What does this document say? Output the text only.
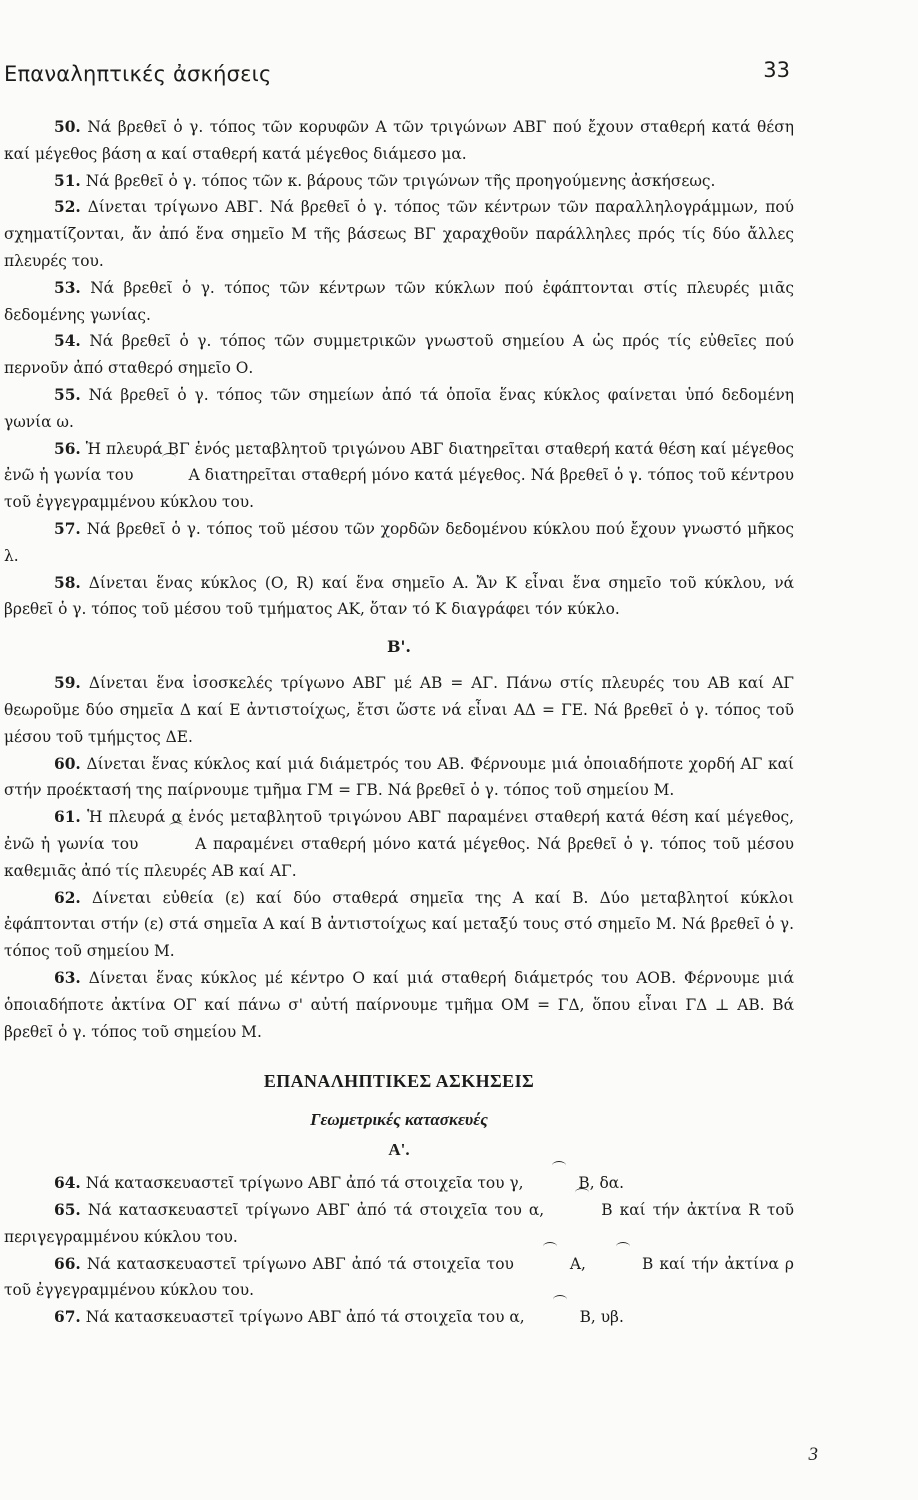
Επαναληπτικές ἀσκήσεις	33

50. Νά βρεθεῖ ὁ γ. τόπος τῶν κορυφῶν Α τῶν τριγώνων ΑΒΓ πού ἔχουν σταθερή κατά θέση καί μέγεθος βάση α καί σταθερή κατά μέγεθος διάμεσο μα.

51. Νά βρεθεῖ ὁ γ. τόπος τῶν κ. βάρους τῶν τριγώνων τῆς προηγούμενης ἀσκήσεως.

52. Δίνεται τρίγωνο ΑΒΓ. Νά βρεθεῖ ὁ γ. τόπος τῶν κέντρων τῶν παραλληλογράμμων, πού σχηματίζονται, ἄν ἀπό ἕνα σημεῖο Μ τῆς βάσεως ΒΓ χαραχθοῦν παράλληλες πρός τίς δύο ἄλλες πλευρές του.

53. Νά βρεθεῖ ὁ γ. τόπος τῶν κέντρων τῶν κύκλων πού ἐφάπτονται στίς πλευρές μιᾶς δεδομένης γωνίας.

54. Νά βρεθεῖ ὁ γ. τόπος τῶν συμμετρικῶν γνωστοῦ σημείου Α ὡς πρός τίς εὐθεῖες πού περνοῦν ἀπό σταθερό σημεῖο Ο.

55. Νά βρεθεῖ ὁ γ. τόπος τῶν σημείων ἀπό τά ὁποῖα ἕνας κύκλος φαίνεται ὑπό δεδομένη γωνία ω.

56. Ἡ πλευρά ΒΓ ἑνός μεταβλητοῦ τριγώνου ΑΒΓ διατηρεῖται σταθερή κατά θέση καί μέγεθος ἐνῶ ἡ γωνία του	Α διατηρεῖται σταθερή μόνο κατά μέγεθος. Νά βρεθεῖ ὁ γ. τόπος τοῦ κέντρου τοῦ ἐγγεγραμμένου κύκλου του.

57. Νά βρεθεῖ ὁ γ. τόπος τοῦ μέσου τῶν χορδῶν δεδομένου κύκλου πού ἔχουν γνωστό μῆκος λ.

58. Δίνεται ἕνας κύκλος (Ο, R) καί ἕνα σημεῖο Α. Ἄν Κ εἶναι ἕνα σημεῖο τοῦ κύκλου, νά βρεθεῖ ὁ γ. τόπος τοῦ μέσου τοῦ τμήματος ΑΚ, ὅταν τό Κ διαγράφει τόν κύκλο.

Β'.

59. Δίνεται ἕνα ἰσοσκελές τρίγωνο ΑΒΓ μέ ΑΒ = ΑΓ. Πάνω στίς πλευρές του ΑΒ καί ΑΓ θεωροῦμε δύο σημεῖα Δ καί Ε ἀντιστοίχως, ἔτσι ὥστε νά εἶναι ΑΔ = ΓΕ. Νά βρεθεῖ ὁ γ. τόπος τοῦ μέσου τοῦ τμήμςτος ΔΕ.

60. Δίνεται ἕνας κύκλος καί μιά διάμετρός του ΑΒ. Φέρνουμε μιά ὁποιαδήποτε χορδή ΑΓ καί στήν προέκτασή της παίρνουμε τμῆμα ΓΜ = ΓΒ. Νά βρεθεῖ ὁ γ. τόπος τοῦ σημείου Μ.

61. Ἡ πλευρά α ἑνός μεταβλητοῦ τριγώνου ΑΒΓ παραμένει σταθερή κατά θέση καί μέγεθος, ἐνῶ ἡ γωνία του	Α παραμένει σταθερή μόνο κατά μέγεθος. Νά βρεθεῖ ὁ γ. τόπος τοῦ μέσου καθεμιᾶς ἀπό τίς πλευρές ΑΒ καί ΑΓ.

62. Δίνεται εὐθεία (ε) καί δύο σταθερά σημεῖα της Α καί Β. Δύο μεταβλητοί κύκλοι ἐφάπτονται στήν (ε) στά σημεῖα Α καί Β ἀντιστοίχως καί μεταξύ τους στό σημεῖο Μ. Νά βρεθεῖ ὁ γ. τόπος τοῦ σημείου Μ.

63. Δίνεται ἕνας κύκλος μέ κέντρο Ο καί μιά σταθερή διάμετρός του ΑΟΒ. Φέρνουμε μιά ὁποιαδήποτε ἀκτίνα ΟΓ καί πάνω σ' αὐτή παίρνουμε τμῆμα ΟΜ = ΓΔ, ὅπου εἶναι ΓΔ ⊥ ΑΒ. Βά βρεθεῖ ὁ γ. τόπος τοῦ σημείου Μ.

ΕΠΑΝΑΛΗΠΤΙΚΕΣ ΑΣΚΗΣΕΙΣ
Γεωμετρικές κατασκευές
Α'.

64. Νά κατασκευαστεῖ τρίγωνο ΑΒΓ ἀπό τά στοιχεῖα του γ,	Β, δα.

65. Νά κατασκευαστεῖ τρίγωνο ΑΒΓ ἀπό τά στοιχεῖα του α,	Β καί τήν ἀκτίνα R τοῦ περιγεγραμμένου κύκλου του.

66. Νά κατασκευαστεῖ τρίγωνο ΑΒΓ ἀπό τά στοιχεῖα του	Α,	Β καί τήν ἀκτίνα ρ τοῦ ἐγγεγραμμένου κύκλου του.

67. Νά κατασκευαστεῖ τρίγωνο ΑΒΓ ἀπό τά στοιχεῖα του α,	Β, υβ.

3
